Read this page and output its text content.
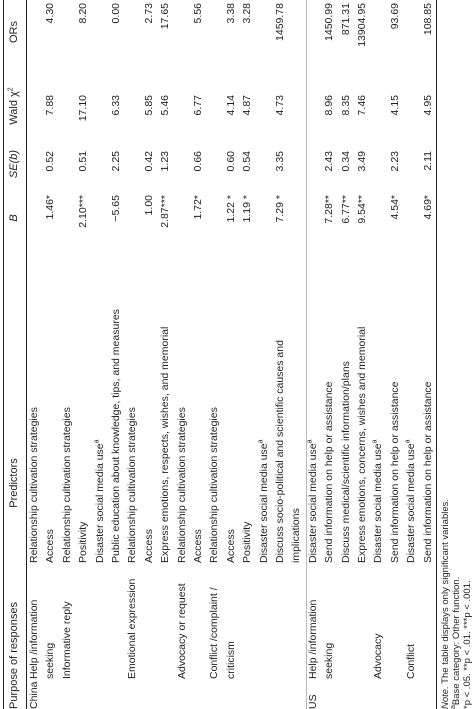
Purpose of responses
Predictors
B
SE(b)
Wald $\chi^2$
ORs
China
Help /information
Relationship cultivation strategies
seeking
Access
1.46*
0.52
7.88
4.30
Informative reply
Relationship cultivation strategies Positivity
2.10***
0.51
17.10
8.20
Disaster social media use$^a$ Public education about knowledge, tips, and measures
−5.65
2.25
6.33
0.00
Emotional expression
Relationship cultivation strategies Access
1.00
0.42
5.85
2.73
Express emotions, respects, wishes, and memorial
2.87***
1.23
5.46
17.65
Advocacy or request
Relationship cultivation strategies Access
1.72*
0.66
6.77
5.56
Conflict /complaint /
Relationship cultivation strategies
criticism
Access
1.22 *
0.60
4.14
3.38
Positivity
1.19 *
0.54
4.87
3.28
Disaster social media use$^a$ Discuss socio-political and scientific causes and
7.29 *
3.35
4.73
1459.78
implications
US
Help /information
Disaster social media use$^a$
seeking
Send information on help or assistance
7.28**
2.43
8.96
1450.99
Discuss medical/scientific information/plans
6.77**
0.34
8.35
871.31
Express emotions, concerns, wishes and memorial
9.54**
3.49
7.46
13904.95
Advocacy
Disaster social media use$^a$ Send information on help or assistance
4.54*
2.23
4.15
93.69
Conflict
Disaster social media use$^a$ Send information on help or assistance
4.69*
2.11
4.95
108.85
Note. The table displays only significant variables.
$^a$Base category: Other function. *p < .05. **p < .01. ***p < .001.
